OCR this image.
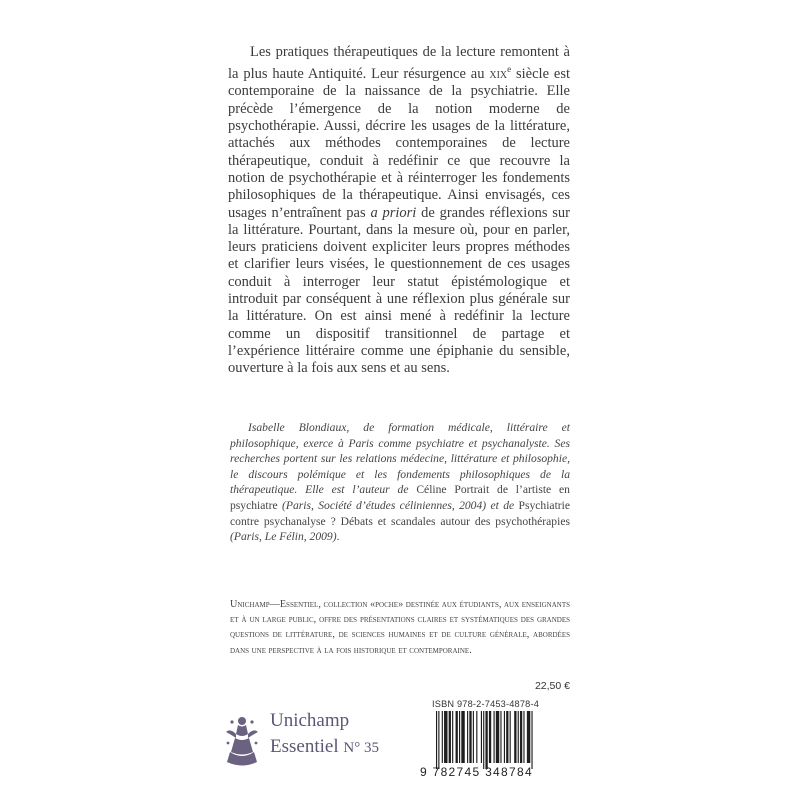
Les pratiques thérapeutiques de la lecture remontent à la plus haute Antiquité. Leur résurgence au xix$^e$ siècle est contemporaine de la naissance de la psychiatrie. Elle précède l’émergence de la notion moderne de psychothérapie. Aussi, décrire les usages de la littérature, attachés aux méthodes contemporaines de lecture thérapeutique, conduit à redéfinir ce que recouvre la notion de psychothérapie et à réinterroger les fondements philosophiques de la thérapeutique. Ainsi envisagés, ces usages n’entraînent pas a priori de grandes réflexions sur la littérature. Pourtant, dans la mesure où, pour en parler, leurs praticiens doivent expliciter leurs propres méthodes et clarifier leurs visées, le questionnement de ces usages conduit à interroger leur statut épistémologique et introduit par conséquent à une réflexion plus générale sur la littérature. On est ainsi mené à redéfinir la lecture comme un dispositif transitionnel de partage et l’expérience littéraire comme une épiphanie du sensible, ouverture à la fois aux sens et au sens.

Isabelle Blondiaux, de formation médicale, littéraire et philosophique, exerce à Paris comme psychiatre et psychanalyste. Ses recherches portent sur les relations médecine, littérature et philosophie, le discours polémique et les fondements philosophiques de la thérapeutique. Elle est l’auteur de Céline Portrait de l’artiste en psychiatre (Paris, Société d’études céliniennes, 2004) et de Psychiatrie contre psychanalyse ? Débats et scandales autour des psychothérapies (Paris, Le Félin, 2009).

Unichamp—Essentiel, collection «poche» destinée aux étudiants, aux enseignants et à un large public, offre des présentations claires et systématiques des grandes questions de littérature, de sciences humaines et de culture générale, abordées dans une perspective à la fois historique et contemporaine.

22,50 €
ISBN 978-2-7453-4878-4
9 782745 348784
Unichamp
Essentiel N° 35
